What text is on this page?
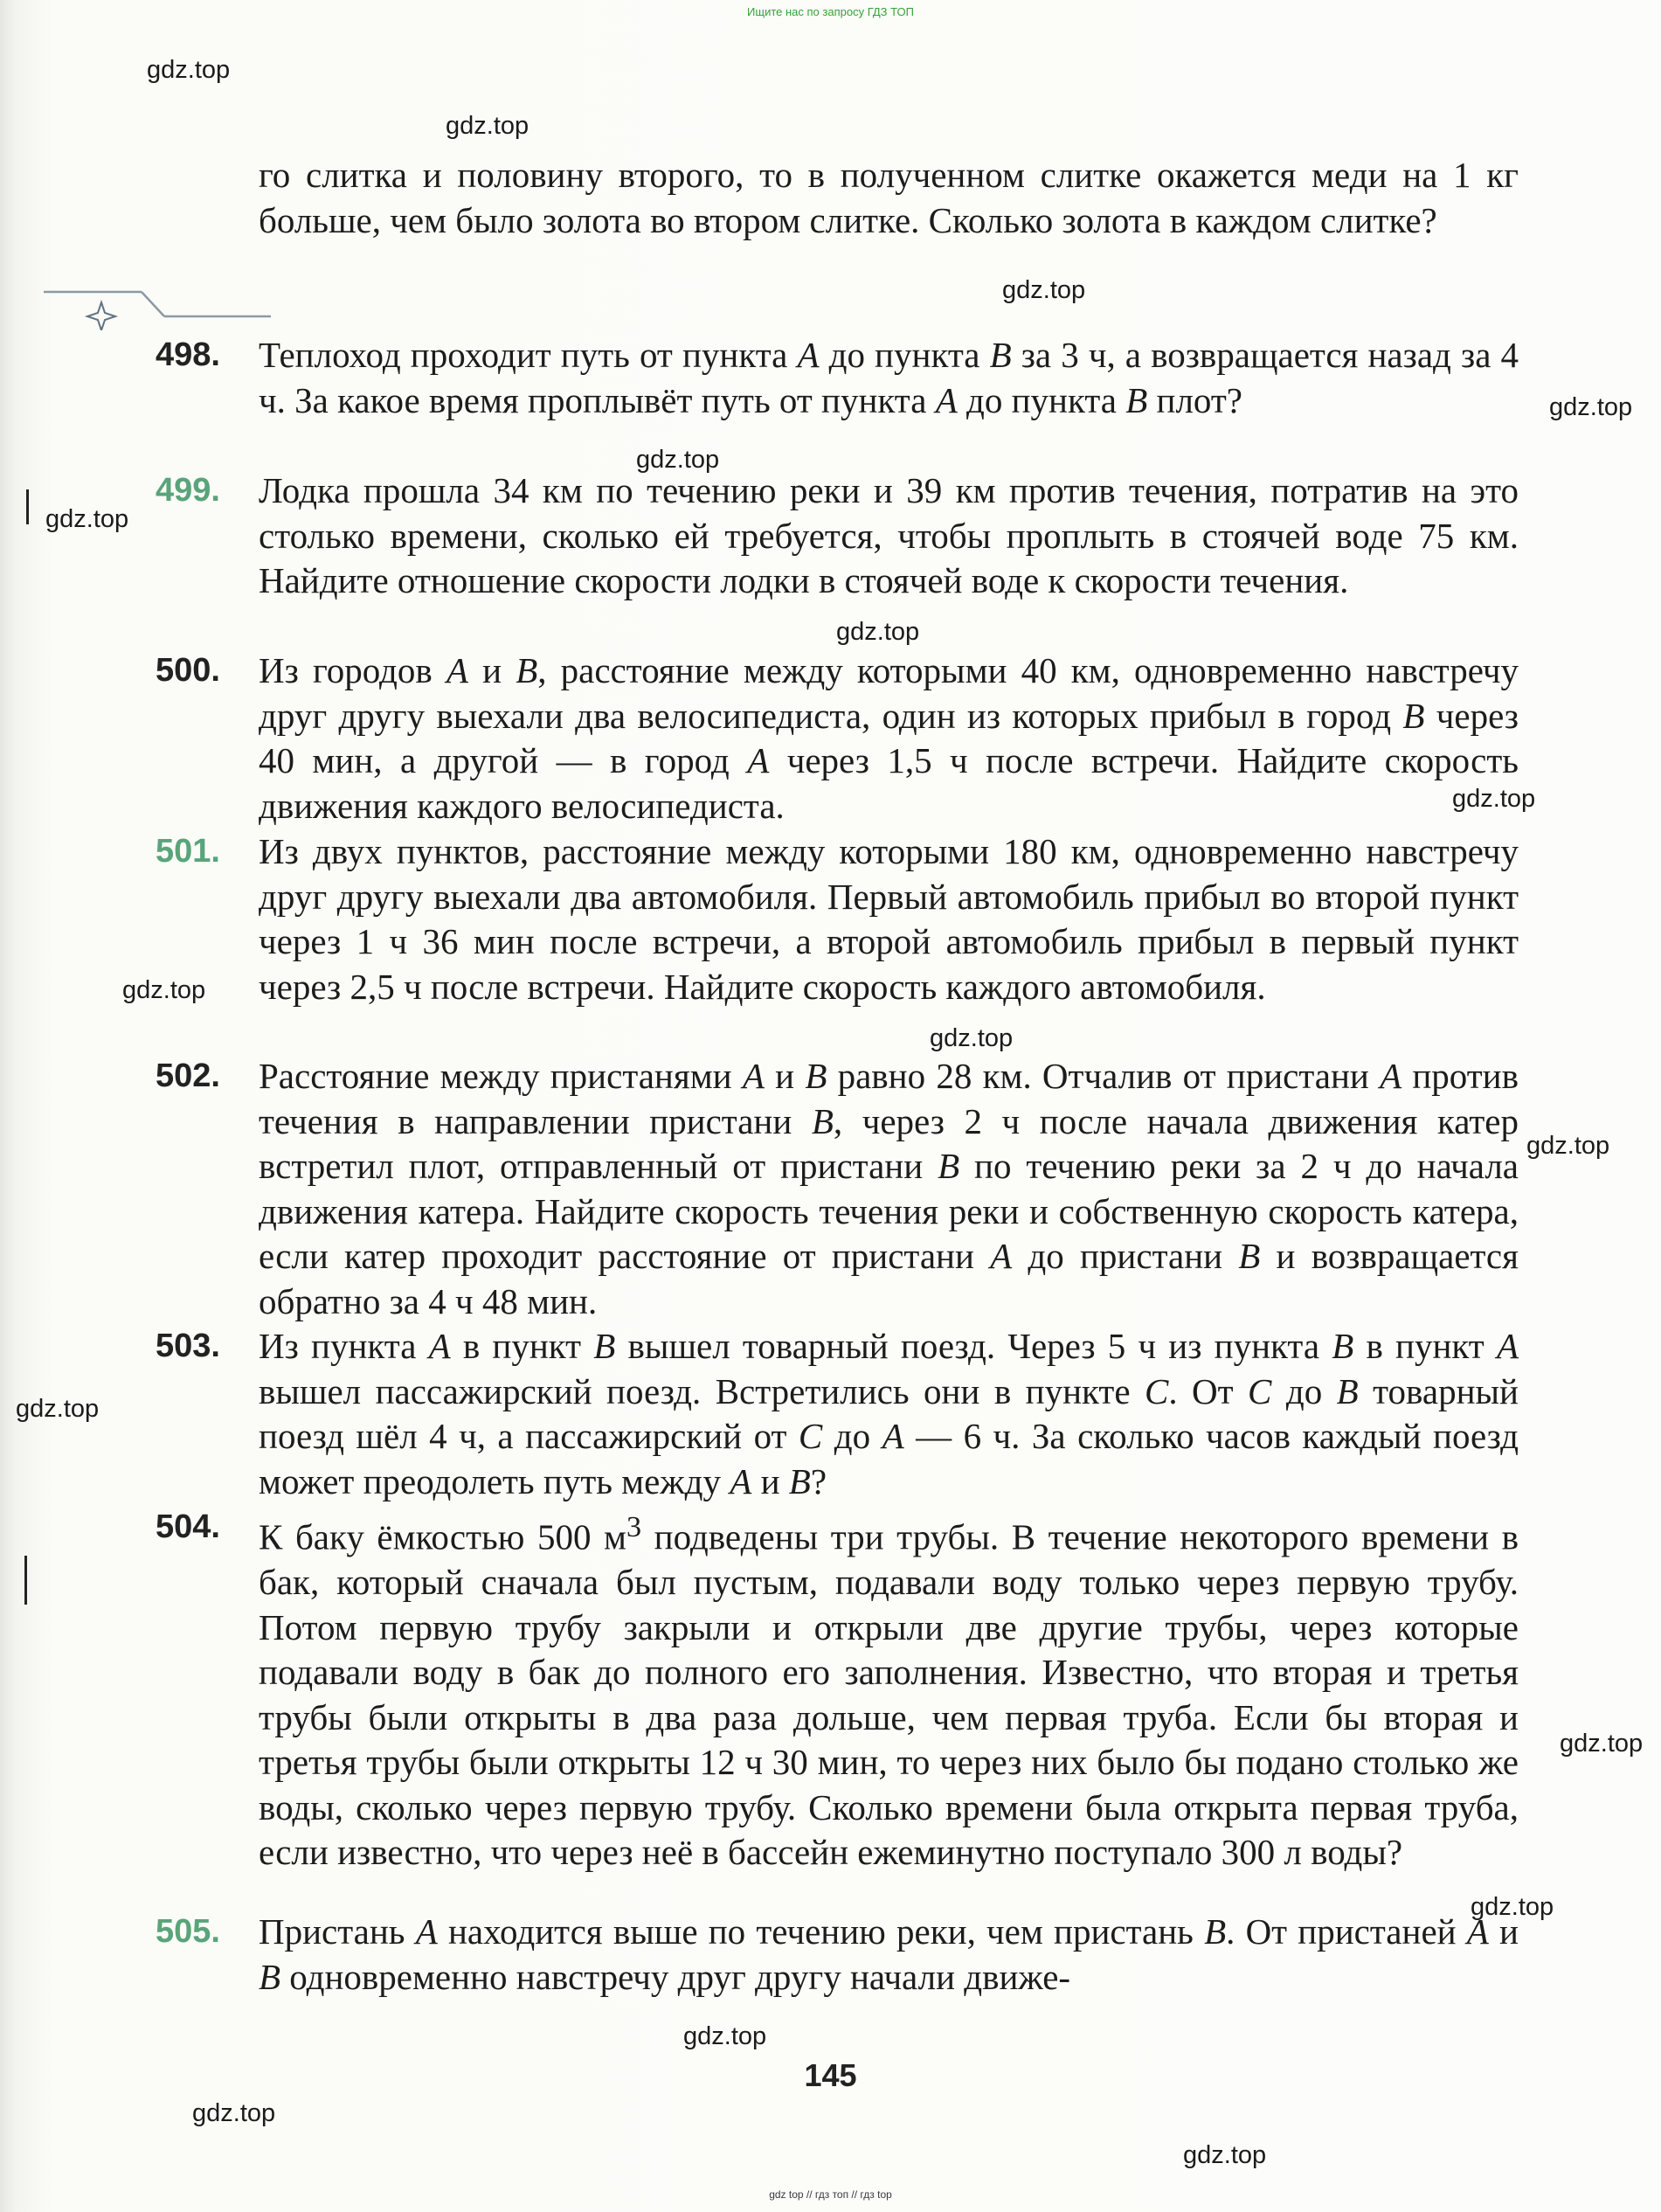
Ищите нас по запросу ГДЗ ТОП
gdz.top
gdz.top
gdz.top
gdz.top
gdz.top
gdz.top
gdz.top
gdz.top
gdz.top
gdz.top
gdz.top
gdz.top
gdz.top
gdz.top
gdz.top
gdz.top
gdz.top
го слитка и половину второго, то в полученном слитке окажется меди на 1 кг больше, чем было золота во втором слитке. Сколько золота в каждом слитке?
498.	Теплоход проходит путь от пункта A до пункта B за 3 ч, а возвращается назад за 4 ч. За какое время проплывёт путь от пункта A до пункта B плот?
499.	Лодка прошла 34 км по течению реки и 39 км против течения, потратив на это столько времени, сколько ей требуется, чтобы проплыть в стоячей воде 75 км. Найдите отношение скорости лодки в стоячей воде к скорости течения.
500.	Из городов A и B, расстояние между которыми 40 км, одновременно навстречу друг другу выехали два велосипедиста, один из которых прибыл в город B через 40 мин, а другой — в город A через 1,5 ч после встречи. Найдите скорость движения каждого велосипедиста.
501.	Из двух пунктов, расстояние между которыми 180 км, одновременно навстречу друг другу выехали два автомобиля. Первый автомобиль прибыл во второй пункт через 1 ч 36 мин после встречи, а второй автомобиль прибыл в первый пункт через 2,5 ч после встречи. Найдите скорость каждого автомобиля.
502.	Расстояние между пристанями A и B равно 28 км. Отчалив от пристани A против течения в направлении пристани B, через 2 ч после начала движения катер встретил плот, отправленный от пристани B по течению реки за 2 ч до начала движения катера. Найдите скорость течения реки и собственную скорость катера, если катер проходит расстояние от пристани A до пристани B и возвращается обратно за 4 ч 48 мин.
503.	Из пункта A в пункт B вышел товарный поезд. Через 5 ч из пункта B в пункт A вышел пассажирский поезд. Встретились они в пункте C. От C до B товарный поезд шёл 4 ч, а пассажирский от C до A — 6 ч. За сколько часов каждый поезд может преодолеть путь между A и B?
504.	К баку ёмкостью 500 $м^3$ подведены три трубы. В течение некоторого времени в бак, который сначала был пустым, подавали воду только через первую трубу. Потом первую трубу закрыли и открыли две другие трубы, через которые подавали воду в бак до полного его заполнения. Известно, что вторая и третья трубы были открыты в два раза дольше, чем первая труба. Если бы вторая и третья трубы были открыты 12 ч 30 мин, то через них было бы подано столько же воды, сколько через первую трубу. Сколько времени была открыта первая труба, если известно, что через неё в бассейн ежеминутно поступало 300 л воды?
505.	Пристань A находится выше по течению реки, чем пристань B. От пристаней A и B одновременно навстречу друг другу начали движе-
145
gdz top // гдз топ // гдз top
